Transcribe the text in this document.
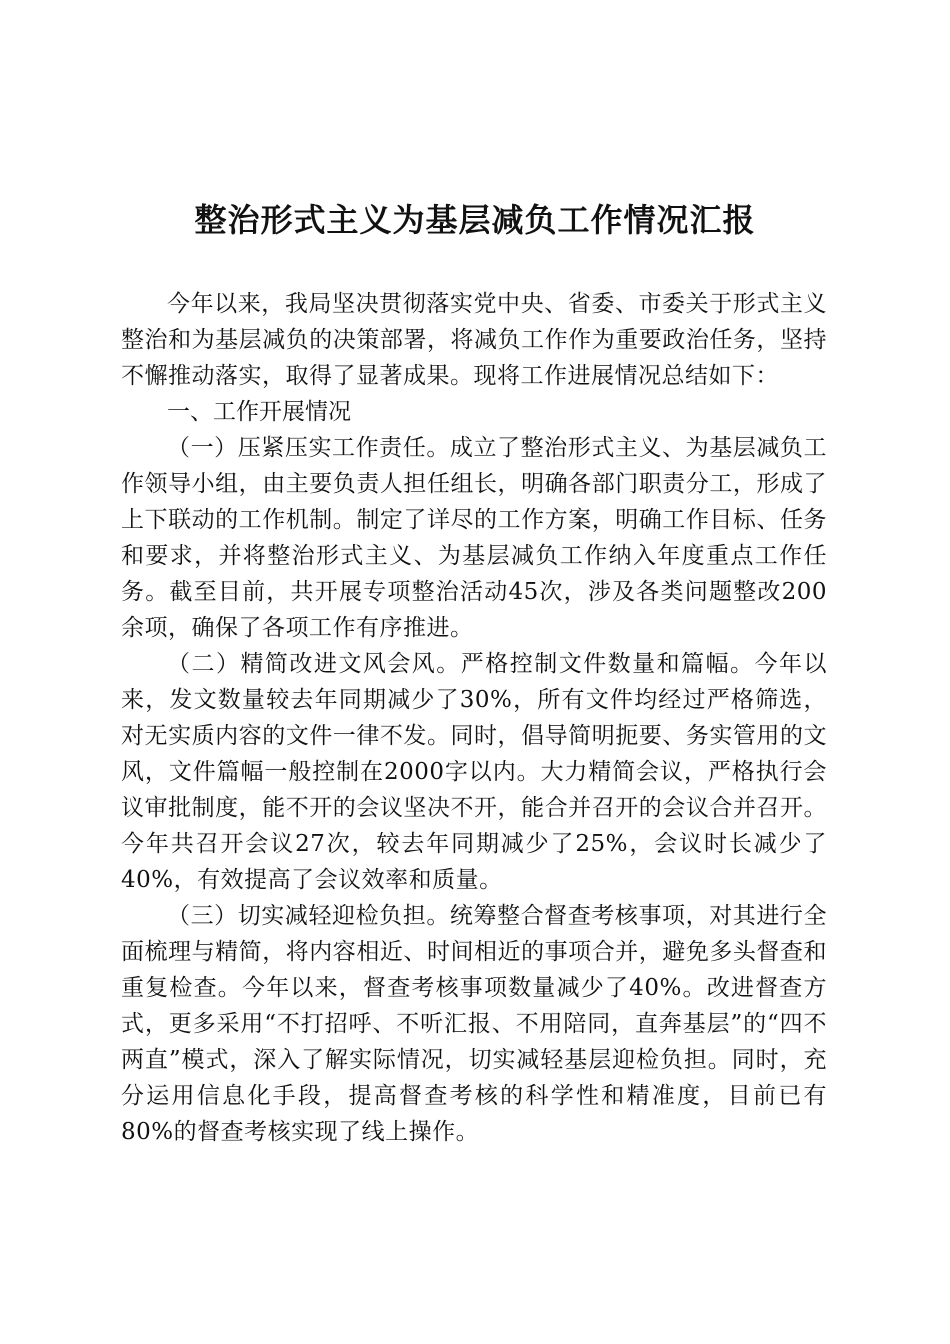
整治形式主义为基层减负工作情况汇报

今年以来，我局坚决贯彻落实党中央、省委、市委关于形式主义整治和为基层减负的决策部署，将减负工作作为重要政治任务，坚持不懈推动落实，取得了显著成果。现将工作进展情况总结如下：

一、工作开展情况

（一）压紧压实工作责任。成立了整治形式主义、为基层减负工作领导小组，由主要负责人担任组长，明确各部门职责分工，形成了上下联动的工作机制。制定了详尽的工作方案，明确工作目标、任务和要求，并将整治形式主义、为基层减负工作纳入年度重点工作任务。截至目前，共开展专项整治活动45次，涉及各类问题整改200余项，确保了各项工作有序推进。

（二）精简改进文风会风。严格控制文件数量和篇幅。今年以来，发文数量较去年同期减少了30%，所有文件均经过严格筛选，对无实质内容的文件一律不发。同时，倡导简明扼要、务实管用的文风，文件篇幅一般控制在2000字以内。大力精简会议，严格执行会议审批制度，能不开的会议坚决不开，能合并召开的会议合并召开。今年共召开会议27次，较去年同期减少了25%，会议时长减少了40%，有效提高了会议效率和质量。

（三）切实减轻迎检负担。统筹整合督查考核事项，对其进行全面梳理与精简，将内容相近、时间相近的事项合并，避免多头督查和重复检查。今年以来，督查考核事项数量减少了40%。改进督查方式，更多采用“不打招呼、不听汇报、不用陪同，直奔基层”的“四不两直”模式，深入了解实际情况，切实减轻基层迎检负担。同时，充分运用信息化手段，提高督查考核的科学性和精准度，目前已有80%的督查考核实现了线上操作。
